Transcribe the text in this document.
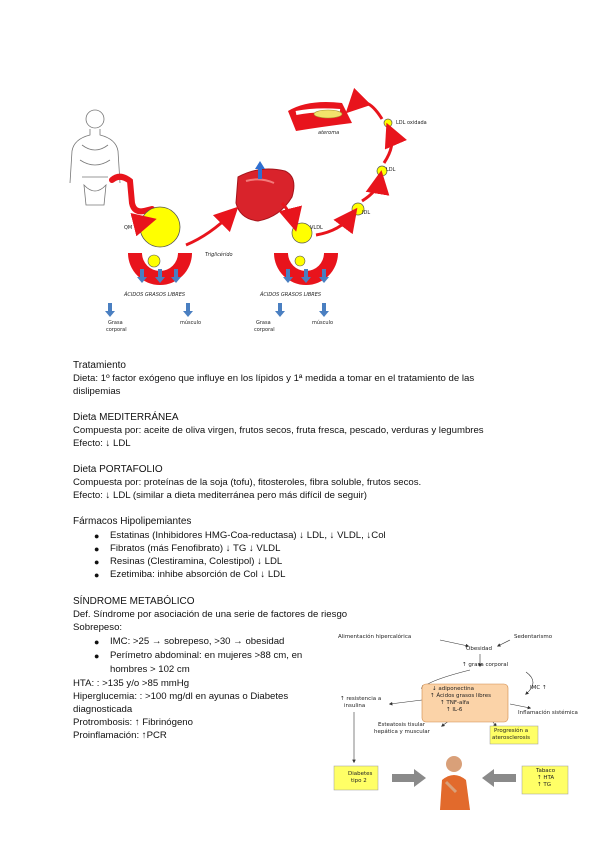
QM	VLDL
Triglicérido
ÁCIDOS GRASOS LIBRES	ÁCIDOS GRASOS LIBRES
Grasa
corporal
músculo	Grasa
corporal
músculo
IDL
LDL
LDL oxidada
ateroma
Tratamiento
Dieta: 1º factor exógeno que influye en los lípidos y 1ª medida a tomar en el tratamiento de las
dislipemias
Dieta MEDITERRÁNEA
Compuesta por: aceite de oliva virgen, frutos secos, fruta fresca, pescado, verduras y legumbres
Efecto: ↓ LDL
Dieta PORTAFOLIO
Compuesta por: proteínas de la soja (tofu), fitosteroles, fibra soluble, frutos secos.
Efecto: ↓ LDL (similar a dieta mediterránea pero más difícil de seguir)
Fármacos Hipolipemiantes
● Estatinas (Inhibidores HMG-Coa-reductasa) ↓ LDL, ↓ VLDL, ↓Col
● Fibratos (más Fenofibrato) ↓ TG ↓ VLDL
● Resinas (Clestiramina, Colestipol) ↓ LDL
● Ezetimiba: inhibe absorción de Col ↓ LDL
SÍNDROME METABÓLICO
Def. Síndrome por asociación de una serie de factores de riesgo
Sobrepeso:
● IMC: >25 → sobrepeso, >30 → obesidad
● Perímetro abdominal: en mujeres >88 cm, en
hombres > 102 cm
HTA: : >135 y/o >85 mmHg
Hiperglucemia: : >100 mg/dl en ayunas o Diabetes
diagnosticada
Protrombosis: ↑ Fibrinógeno
Proinflamación: ↑PCR
Alimentación hipercalórica	Sedentarismo
Obesidad
↑ grasa corporal
IMC ↑
↓ adiponectina
↑ Ácidos grasos libres
↑ TNF-alfa
↑ IL-6
↑ resistencia a
insulina
Inflamación sistémica
Esteatosis tisular
hepática y muscular	Progresión a
aterosclerosis
Diabetes
tipo 2
Tabaco
↑ HTA
↑ TG
